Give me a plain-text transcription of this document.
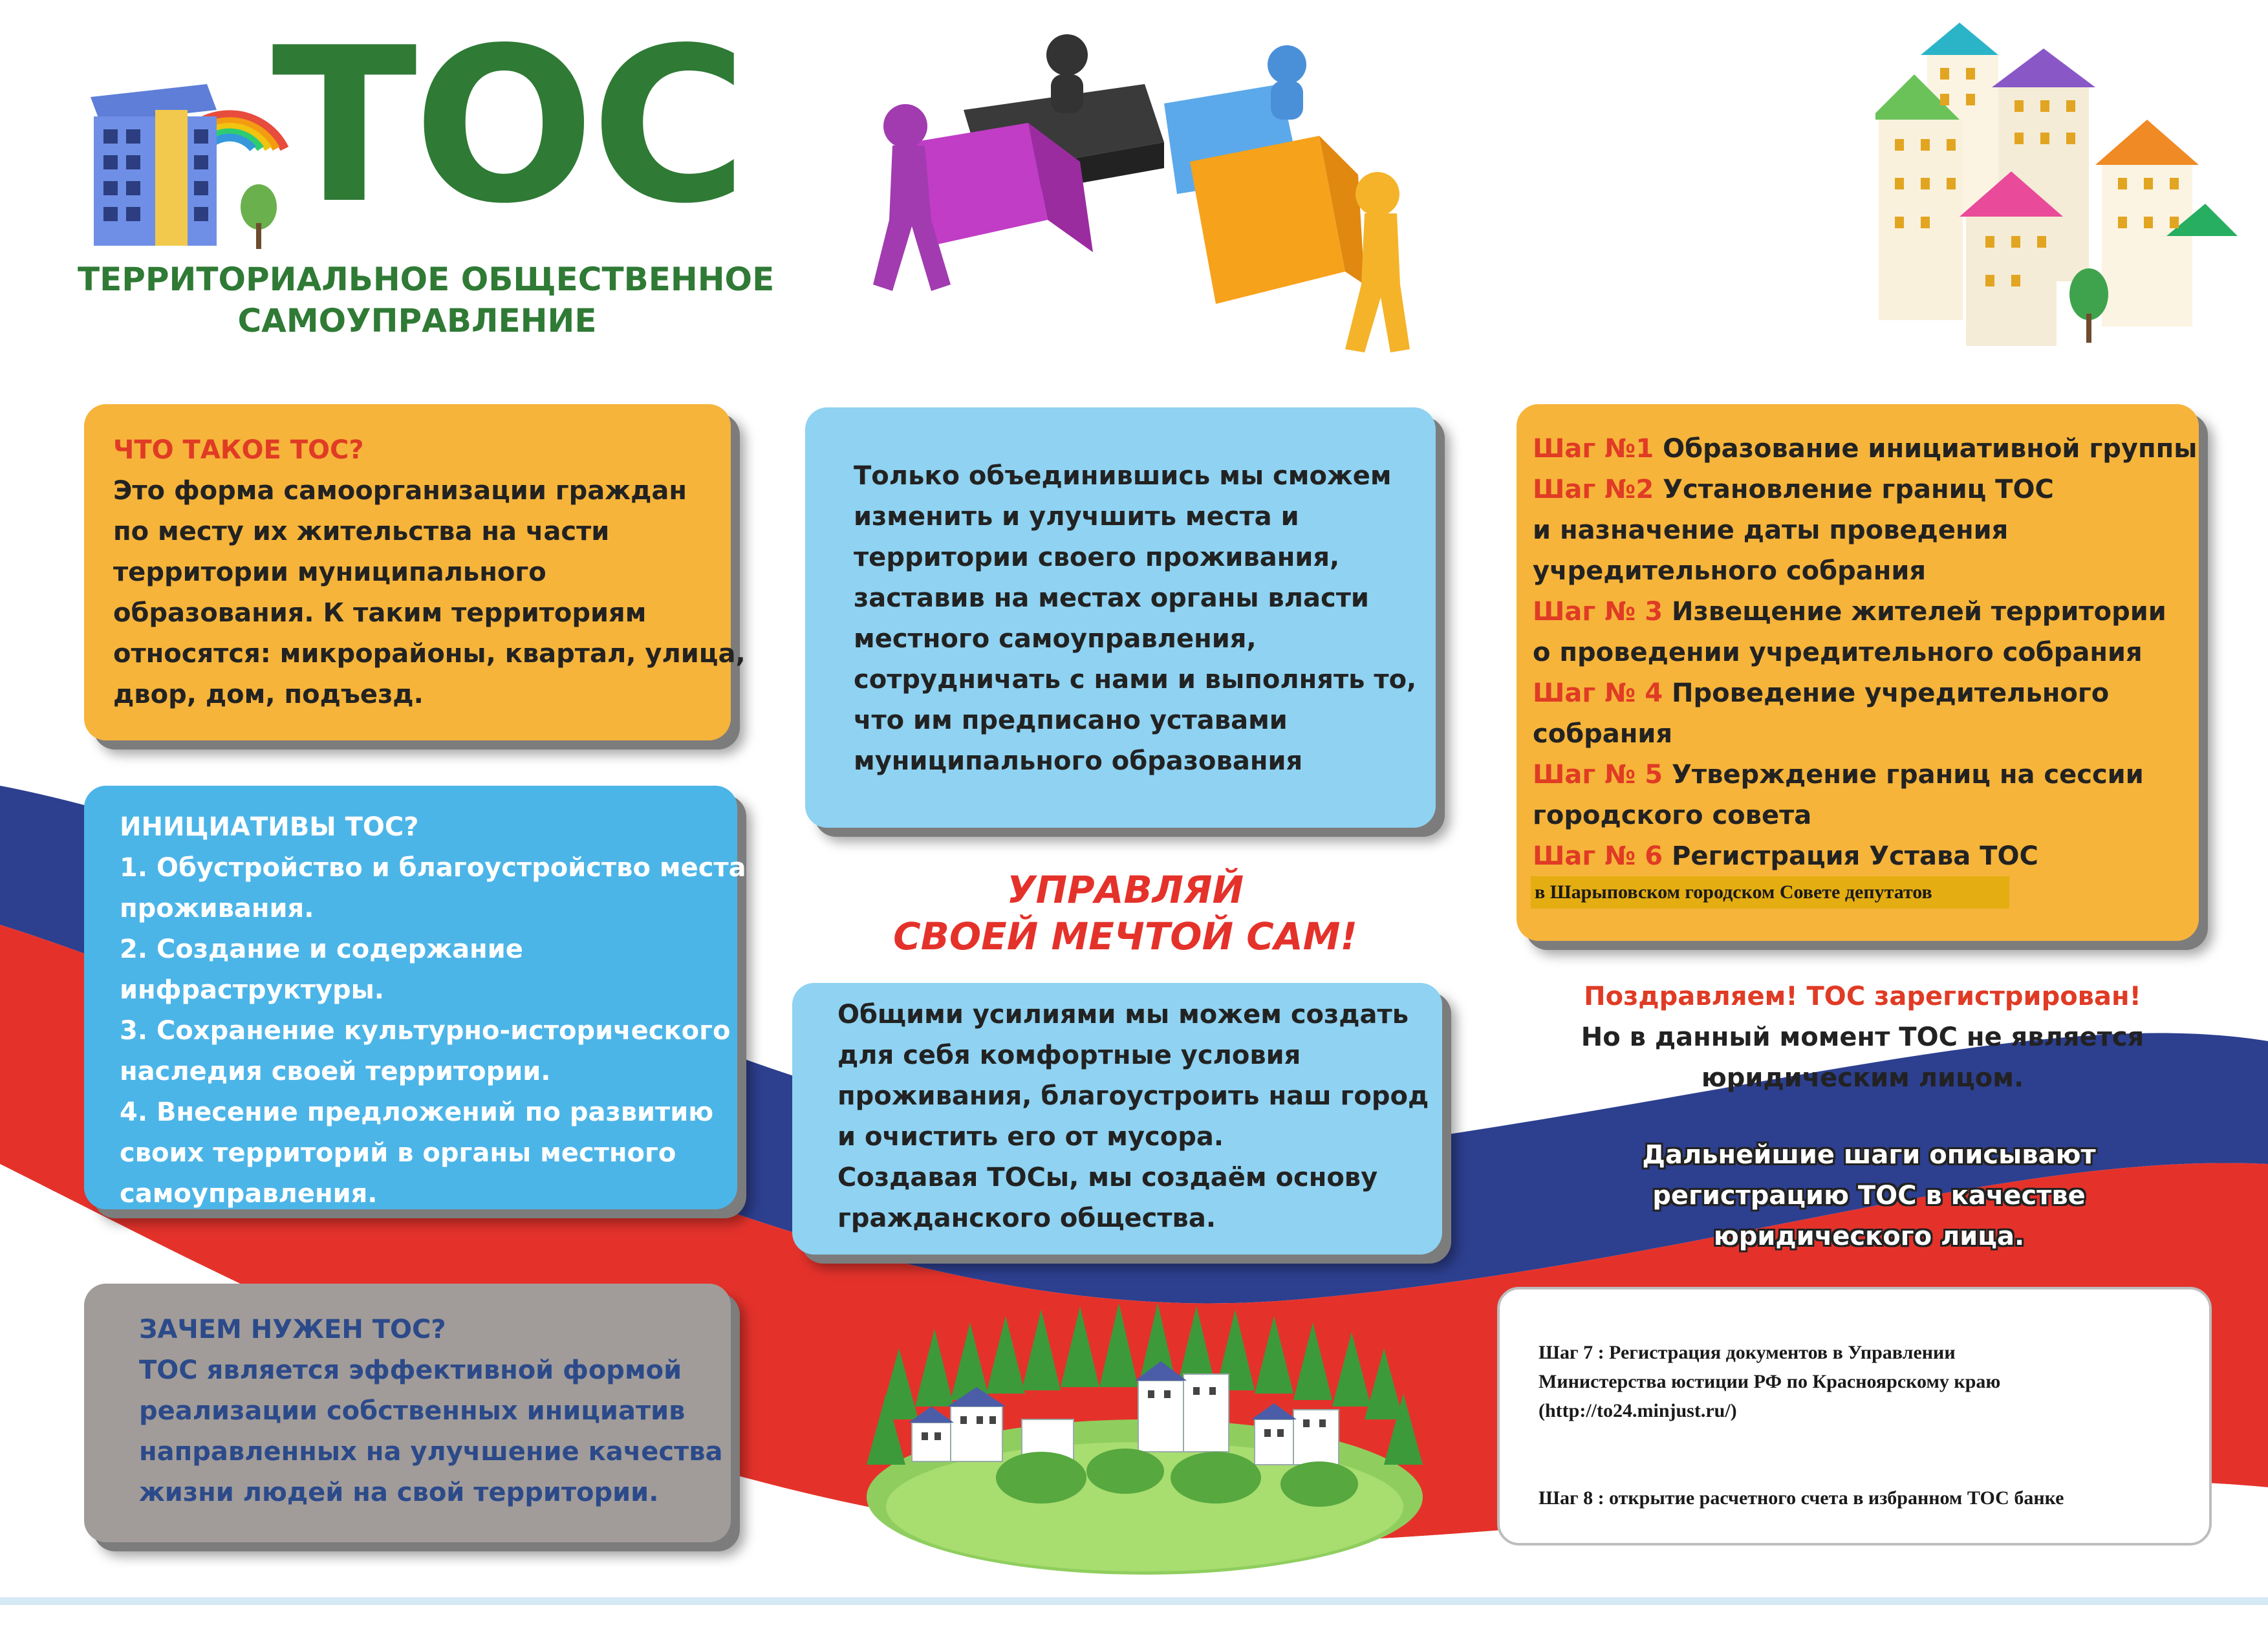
ТОС
ТЕРРИТОРИАЛЬНОЕ ОБЩЕСТВЕННОЕ
САМОУПРАВЛЕНИЕ
ЧТО ТАКОЕ ТОС?
Это форма самоорганизации граждан
по месту их жительства на части
территории муниципального
образования. К таким территориям
относятся: микрорайоны, квартал, улица,
двор, дом, подъезд.
ИНИЦИАТИВЫ ТОС?
1. Обустройство и благоустройство места
проживания.
2. Создание и содержание
инфраструктуры.
3. Сохранение культурно-исторического
наследия своей территории.
4. Внесение предложений по развитию
своих территорий в органы местного
самоуправления.
ЗАЧЕМ НУЖЕН ТОС?
ТОС является эффективной формой
реализации собственных инициатив
направленных на улучшение качества
жизни людей на свой территории.
Только объединившись мы сможем
изменить и улучшить места и
территории своего проживания,
заставив на местах органы власти
местного самоуправления,
сотрудничать с нами и выполнять то,
что им предписано уставами
муниципального образования
УПРАВЛЯЙ
СВОЕЙ МЕЧТОЙ САМ!
Общими усилиями мы можем создать
для себя комфортные условия
проживания, благоустроить наш город
и очистить его от мусора.
Создавая ТОСы, мы создаём основу
гражданского общества.
Шаг №1 Образование инициативной группы
Шаг №2 Установление границ ТОС
и назначение даты проведения
учредительного собрания
Шаг № 3 Извещение жителей территории
о проведении учредительного собрания
Шаг № 4 Проведение учредительного
собрания
Шаг № 5 Утверждение границ на сессии
городского совета
Шаг № 6 Регистрация Устава ТОС
в Шарыповском городском Совете депутатов
Поздравляем! ТОС зарегистрирован!
Но в данный момент ТОС не является
юридическим лицом.
Дальнейшие шаги описывают
регистрацию ТОС в качестве
юридического лица.
Шаг 7 : Регистрация документов в Управлении
Министерства юстиции РФ по Красноярскому краю
(http://to24.minjust.ru/)
Шаг 8 : открытие расчетного счета в избранном ТОС банке
